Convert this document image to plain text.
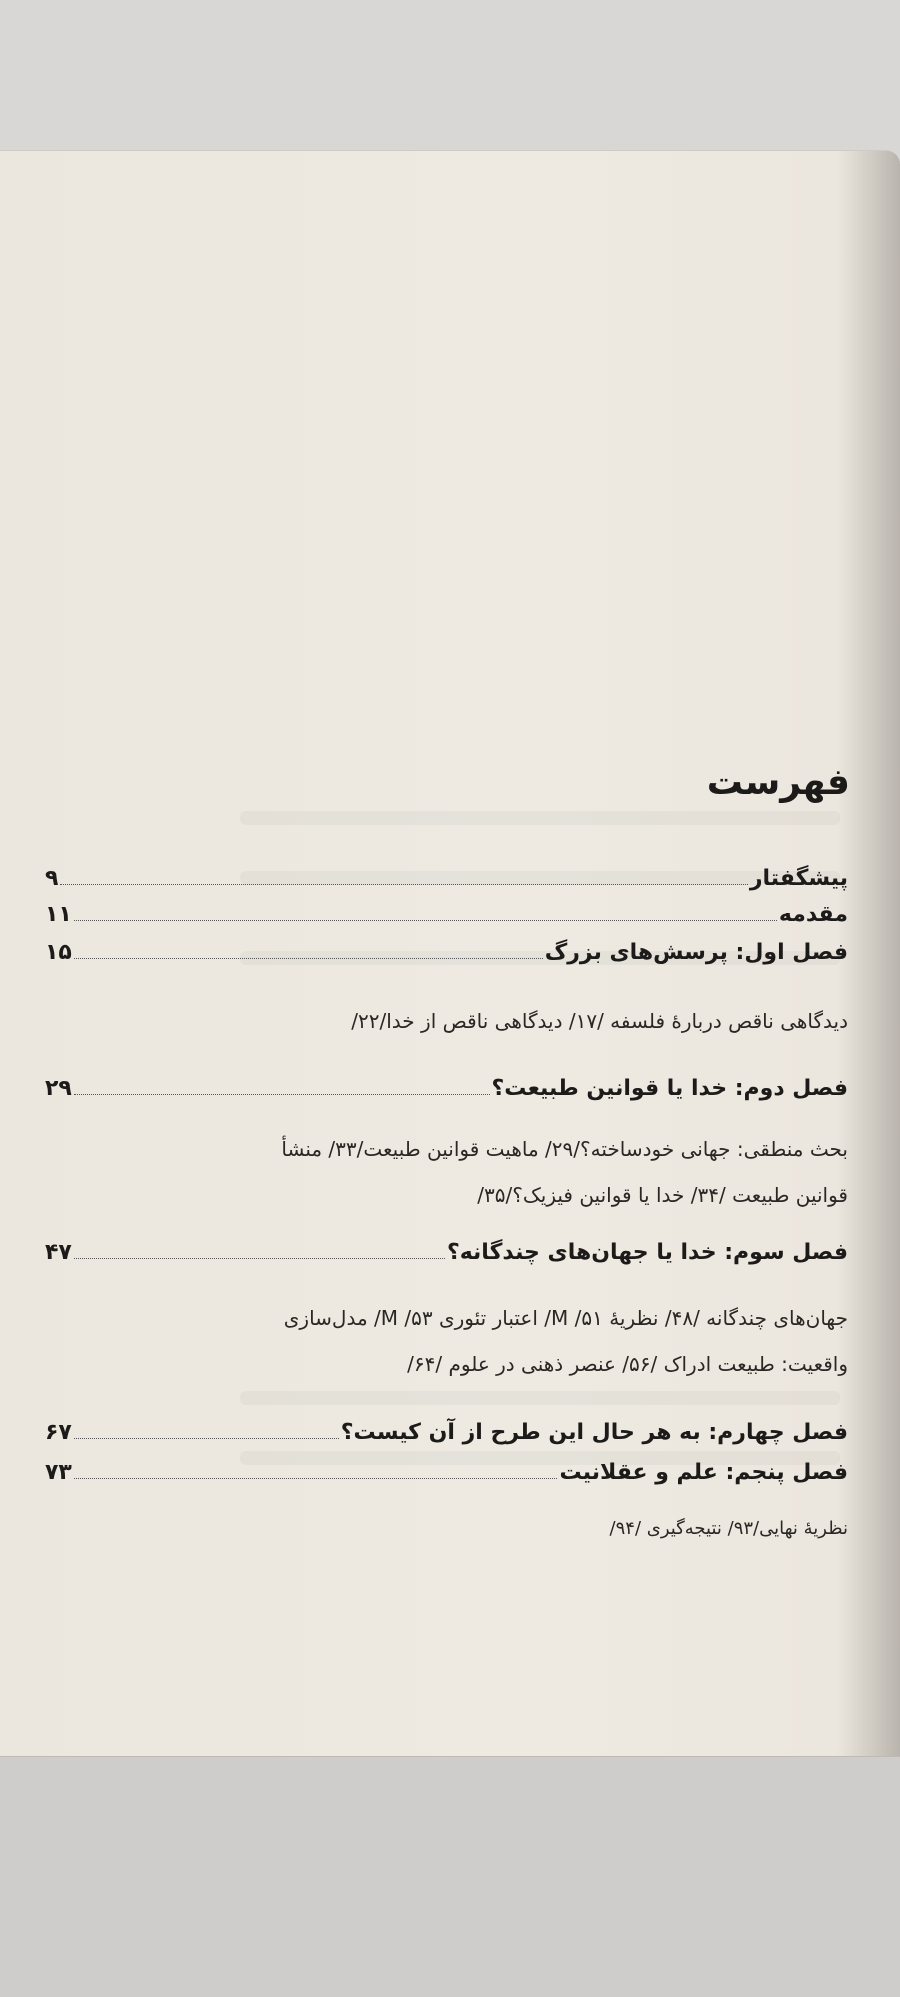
فهرست
پیشگفتار
۹
مقدمه
۱۱
فصل اول: پرسش‌های بزرگ
۱۵
دیدگاهی ناقص دربارهٔ فلسفه /۱۷/ دیدگاهی ناقص از خدا/۲۲/
فصل دوم: خدا یا قوانین طبیعت؟
۲۹
بحث منطقی: جهانی خودساخته؟/۲۹/ ماهیت قوانین طبیعت/۳۳/ منشأ
قوانین طبیعت /۳۴/ خدا یا قوانین فیزیک؟/۳۵/
فصل سوم: خدا یا جهان‌های چندگانه؟
۴۷
جهان‌های چندگانه /۴۸/ نظریهٔ M /۵۱/ اعتبار تئوری M /۵۳/ مدل‌سازی
واقعیت: طبیعت ادراک /۵۶/ عنصر ذهنی در علوم /۶۴/
فصل چهارم: به هر حال این طرح از آن کیست؟
۶۷
فصل پنجم: علم و عقلانیت
۷۳
نظریهٔ نهایی/۹۳/ نتیجه‌گیری /۹۴/
